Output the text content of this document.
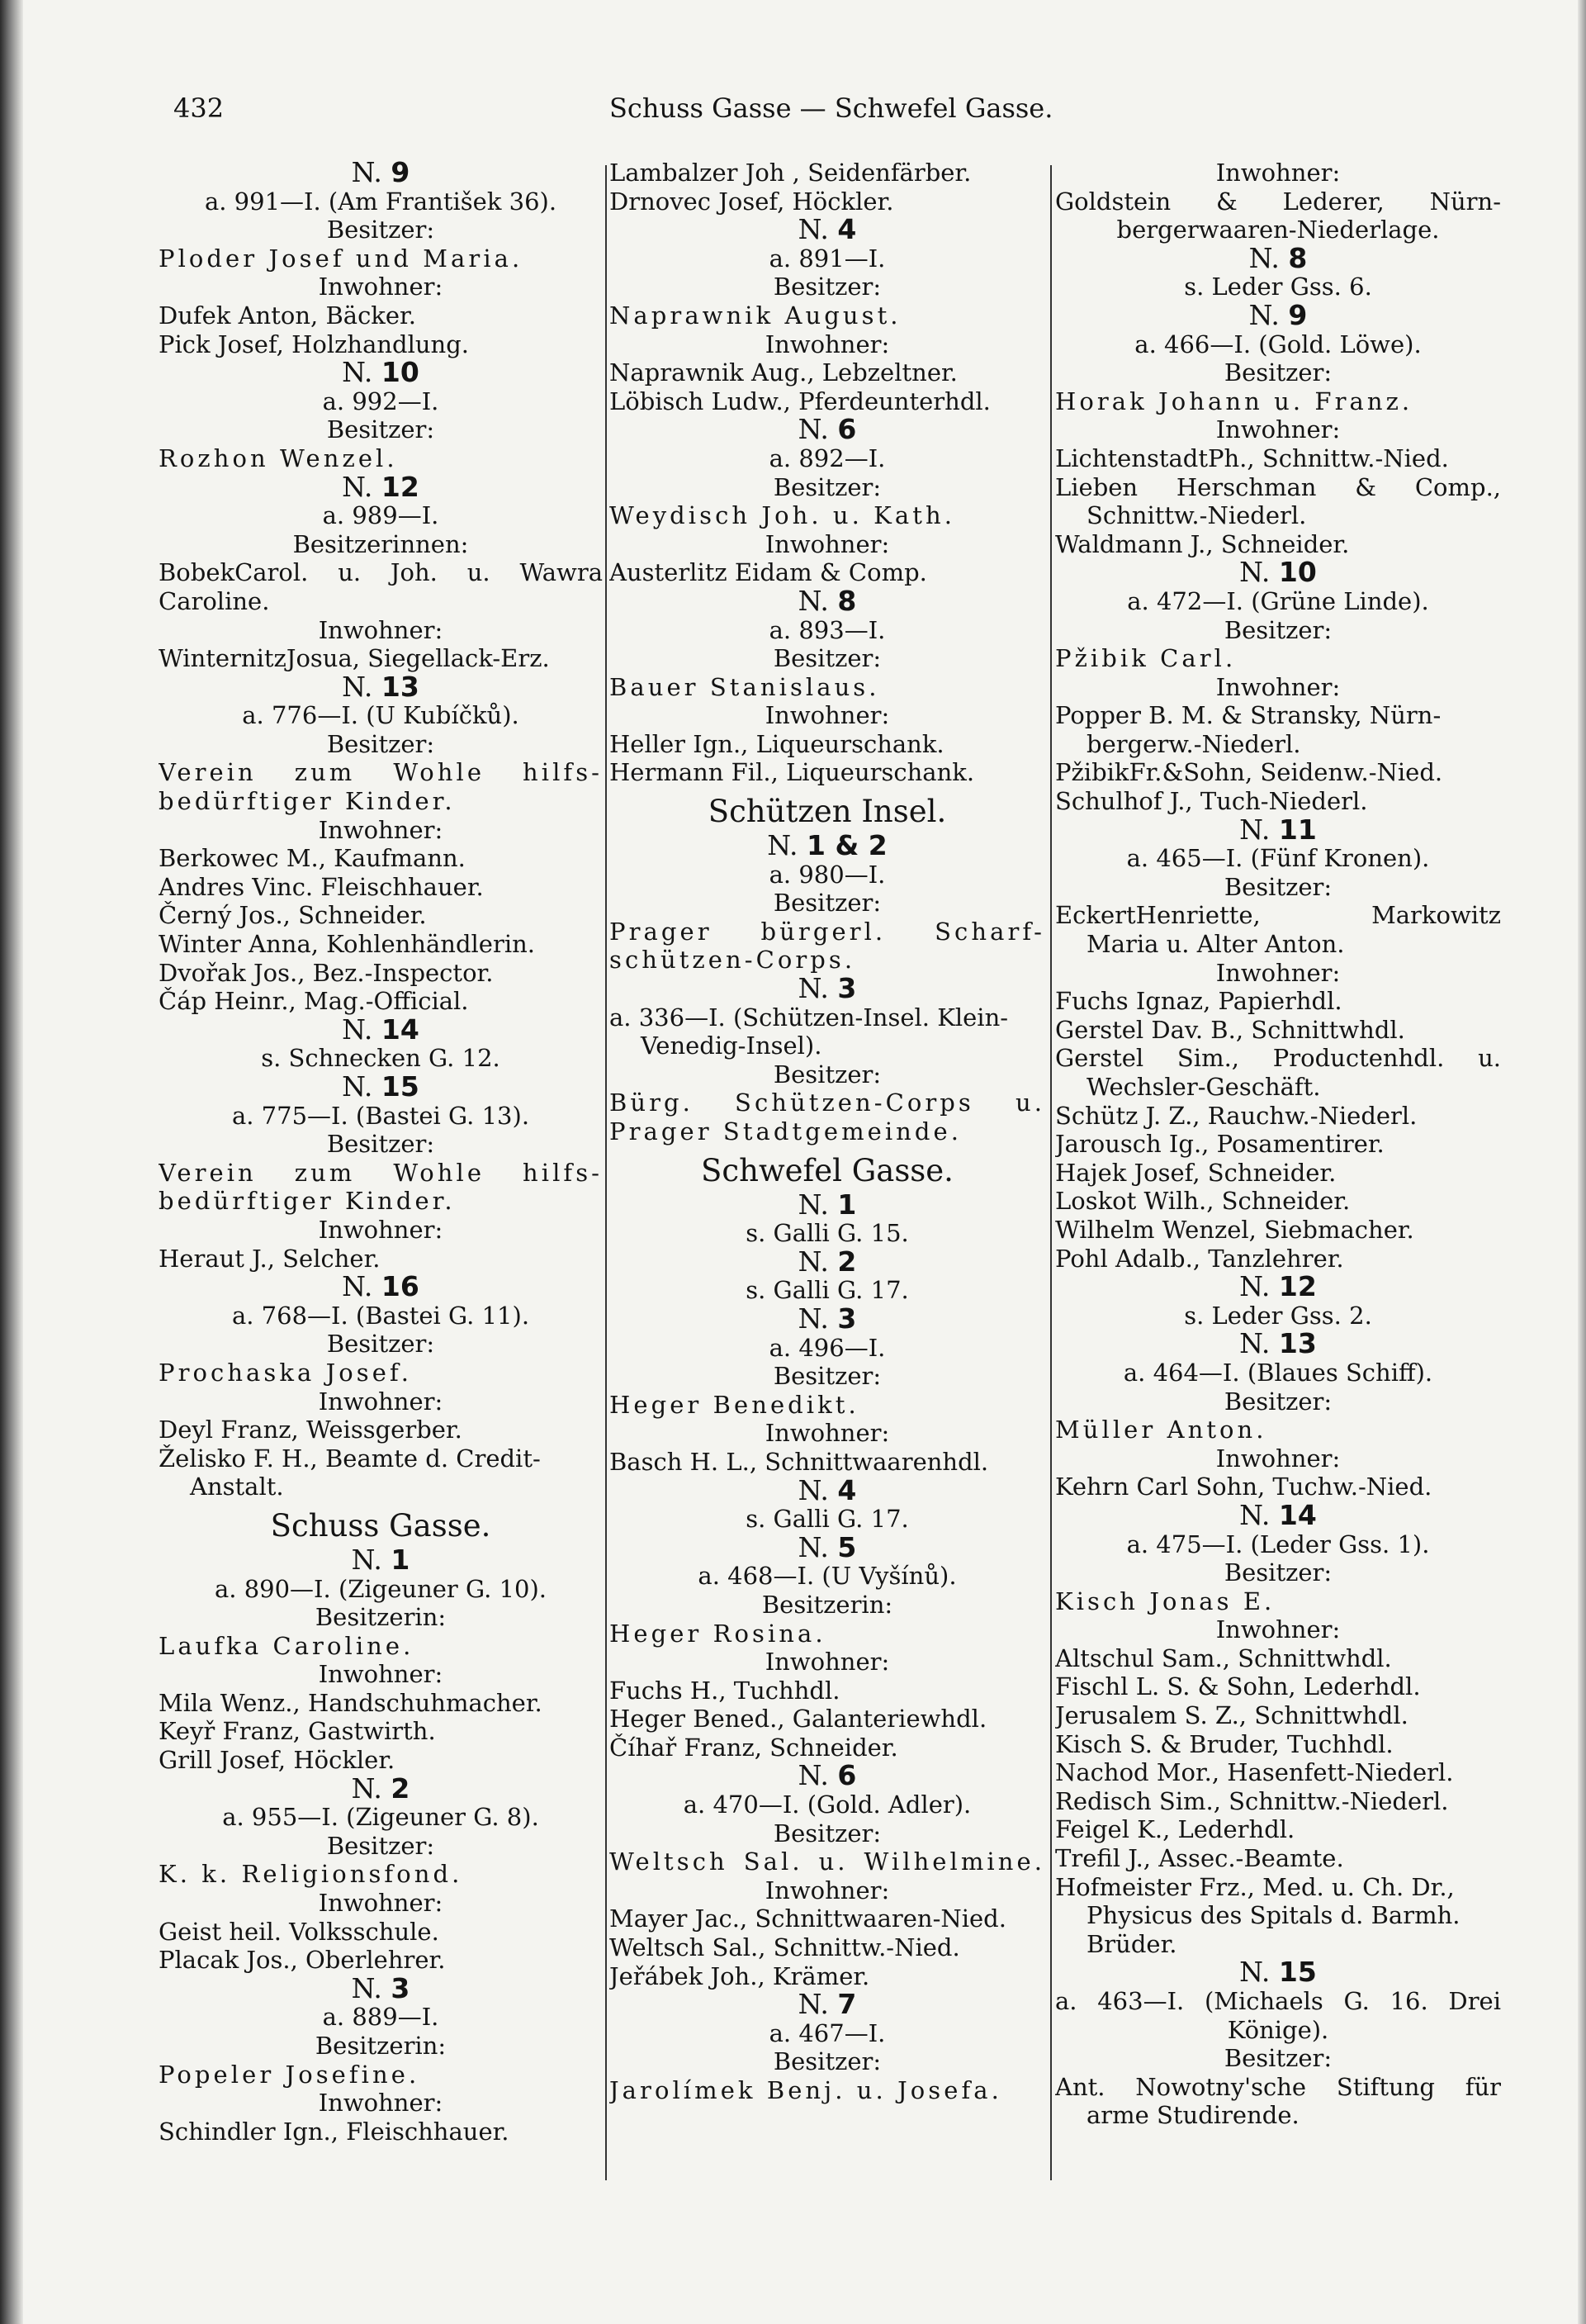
432	Schuss Gasse — Schwefel Gasse.
N. 9
a. 991—I. (Am František 36).
Besitzer:
Ploder Josef und Maria.
Inwohner:
Dufek Anton, Bäcker.
Pick Josef, Holzhandlung.
N. 10
a. 992—I.
Besitzer:
Rozhon Wenzel.
N. 12
a. 989—I.
Besitzerinnen:
BobekCarol. u. Joh. u. Wawra
Caroline.
Inwohner:
WinternitzJosua, Siegellack-Erz.
N. 13
a. 776—I. (U Kubíčků).
Besitzer:
Verein zum Wohle hilfs-
bedürftiger Kinder.
Inwohner:
Berkowec M., Kaufmann.
Andres Vinc. Fleischhauer.
Černý Jos., Schneider.
Winter Anna, Kohlenhändlerin.
Dvořak Jos., Bez.-Inspector.
Čáp Heinr., Mag.-Official.
N. 14
s. Schnecken G. 12.
N. 15
a. 775—I. (Bastei G. 13).
Besitzer:
Verein zum Wohle hilfs-
bedürftiger Kinder.
Inwohner:
Heraut J., Selcher.
N. 16
a. 768—I. (Bastei G. 11).
Besitzer:
Prochaska Josef.
Inwohner:
Deyl Franz, Weissgerber.
Želisko F. H., Beamte d. Credit-
Anstalt.
Schuss Gasse.
N. 1
a. 890—I. (Zigeuner G. 10).
Besitzerin:
Laufka Caroline.
Inwohner:
Mila Wenz., Handschuhmacher.
Keyř Franz, Gastwirth.
Grill Josef, Höckler.
N. 2
a. 955—I. (Zigeuner G. 8).
Besitzer:
K. k. Religionsfond.
Inwohner:
Geist heil. Volksschule.
Placak Jos., Oberlehrer.
N. 3
a. 889—I.
Besitzerin:
Popeler Josefine.
Inwohner:
Schindler Ign., Fleischhauer.
Lambalzer Joh , Seidenfärber.
Drnovec Josef, Höckler.
N. 4
a. 891—I.
Besitzer:
Naprawnik August.
Inwohner:
Naprawnik Aug., Lebzeltner.
Löbisch Ludw., Pferdeunterhdl.
N. 6
a. 892—I.
Besitzer:
Weydisch Joh. u. Kath.
Inwohner:
Austerlitz Eidam & Comp.
N. 8
a. 893—I.
Besitzer:
Bauer Stanislaus.
Inwohner:
Heller Ign., Liqueurschank.
Hermann Fil., Liqueurschank.
Schützen Insel.
N. 1 & 2
a. 980—I.
Besitzer:
Prager bürgerl. Scharf-
schützen-Corps.
N. 3
a. 336—I. (Schützen-Insel. Klein-
Venedig-Insel).
Besitzer:
Bürg. Schützen-Corps u.
Prager Stadtgemeinde.
Schwefel Gasse.
N. 1
s. Galli G. 15.
N. 2
s. Galli G. 17.
N. 3
a. 496—I.
Besitzer:
Heger Benedikt.
Inwohner:
Basch H. L., Schnittwaarenhdl.
N. 4
s. Galli G. 17.
N. 5
a. 468—I. (U Vyšínů).
Besitzerin:
Heger Rosina.
Inwohner:
Fuchs H., Tuchhdl.
Heger Bened., Galanteriewhdl.
Číhař Franz, Schneider.
N. 6
a. 470—I. (Gold. Adler).
Besitzer:
Weltsch Sal. u. Wilhelmine.
Inwohner:
Mayer Jac., Schnittwaaren-Nied.
Weltsch Sal., Schnittw.-Nied.
Jeřábek Joh., Krämer.
N. 7
a. 467—I.
Besitzer:
Jarolímek Benj. u. Josefa.
Inwohner:
Goldstein & Lederer, Nürn-
bergerwaaren-Niederlage.
N. 8
s. Leder Gss. 6.
N. 9
a. 466—I. (Gold. Löwe).
Besitzer:
Horak Johann u. Franz.
Inwohner:
LichtenstadtPh., Schnittw.-Nied.
Lieben Herschman & Comp.,
Schnittw.-Niederl.
Waldmann J., Schneider.
N. 10
a. 472—I. (Grüne Linde).
Besitzer:
Pžibik Carl.
Inwohner:
Popper B. M. & Stransky, Nürn-
bergerw.-Niederl.
PžibikFr.&Sohn, Seidenw.-Nied.
Schulhof J., Tuch-Niederl.
N. 11
a. 465—I. (Fünf Kronen).
Besitzer:
EckertHenriette, Markowitz
Maria u. Alter Anton.
Inwohner:
Fuchs Ignaz, Papierhdl.
Gerstel Dav. B., Schnittwhdl.
Gerstel Sim., Productenhdl. u.
Wechsler-Geschäft.
Schütz J. Z., Rauchw.-Niederl.
Jarousch Ig., Posamentirer.
Hajek Josef, Schneider.
Loskot Wilh., Schneider.
Wilhelm Wenzel, Siebmacher.
Pohl Adalb., Tanzlehrer.
N. 12
s. Leder Gss. 2.
N. 13
a. 464—I. (Blaues Schiff).
Besitzer:
Müller Anton.
Inwohner:
Kehrn Carl Sohn, Tuchw.-Nied.
N. 14
a. 475—I. (Leder Gss. 1).
Besitzer:
Kisch Jonas E.
Inwohner:
Altschul Sam., Schnittwhdl.
Fischl L. S. & Sohn, Lederhdl.
Jerusalem S. Z., Schnittwhdl.
Kisch S. & Bruder, Tuchhdl.
Nachod Mor., Hasenfett-Niederl.
Redisch Sim., Schnittw.-Niederl.
Feigel K., Lederhdl.
Trefil J., Assec.-Beamte.
Hofmeister Frz., Med. u. Ch. Dr.,
Physicus des Spitals d. Barmh.
Brüder.
N. 15
a. 463—I. (Michaels G. 16. Drei
Könige).
Besitzer:
Ant. Nowotny'sche Stiftung für
arme Studirende.
